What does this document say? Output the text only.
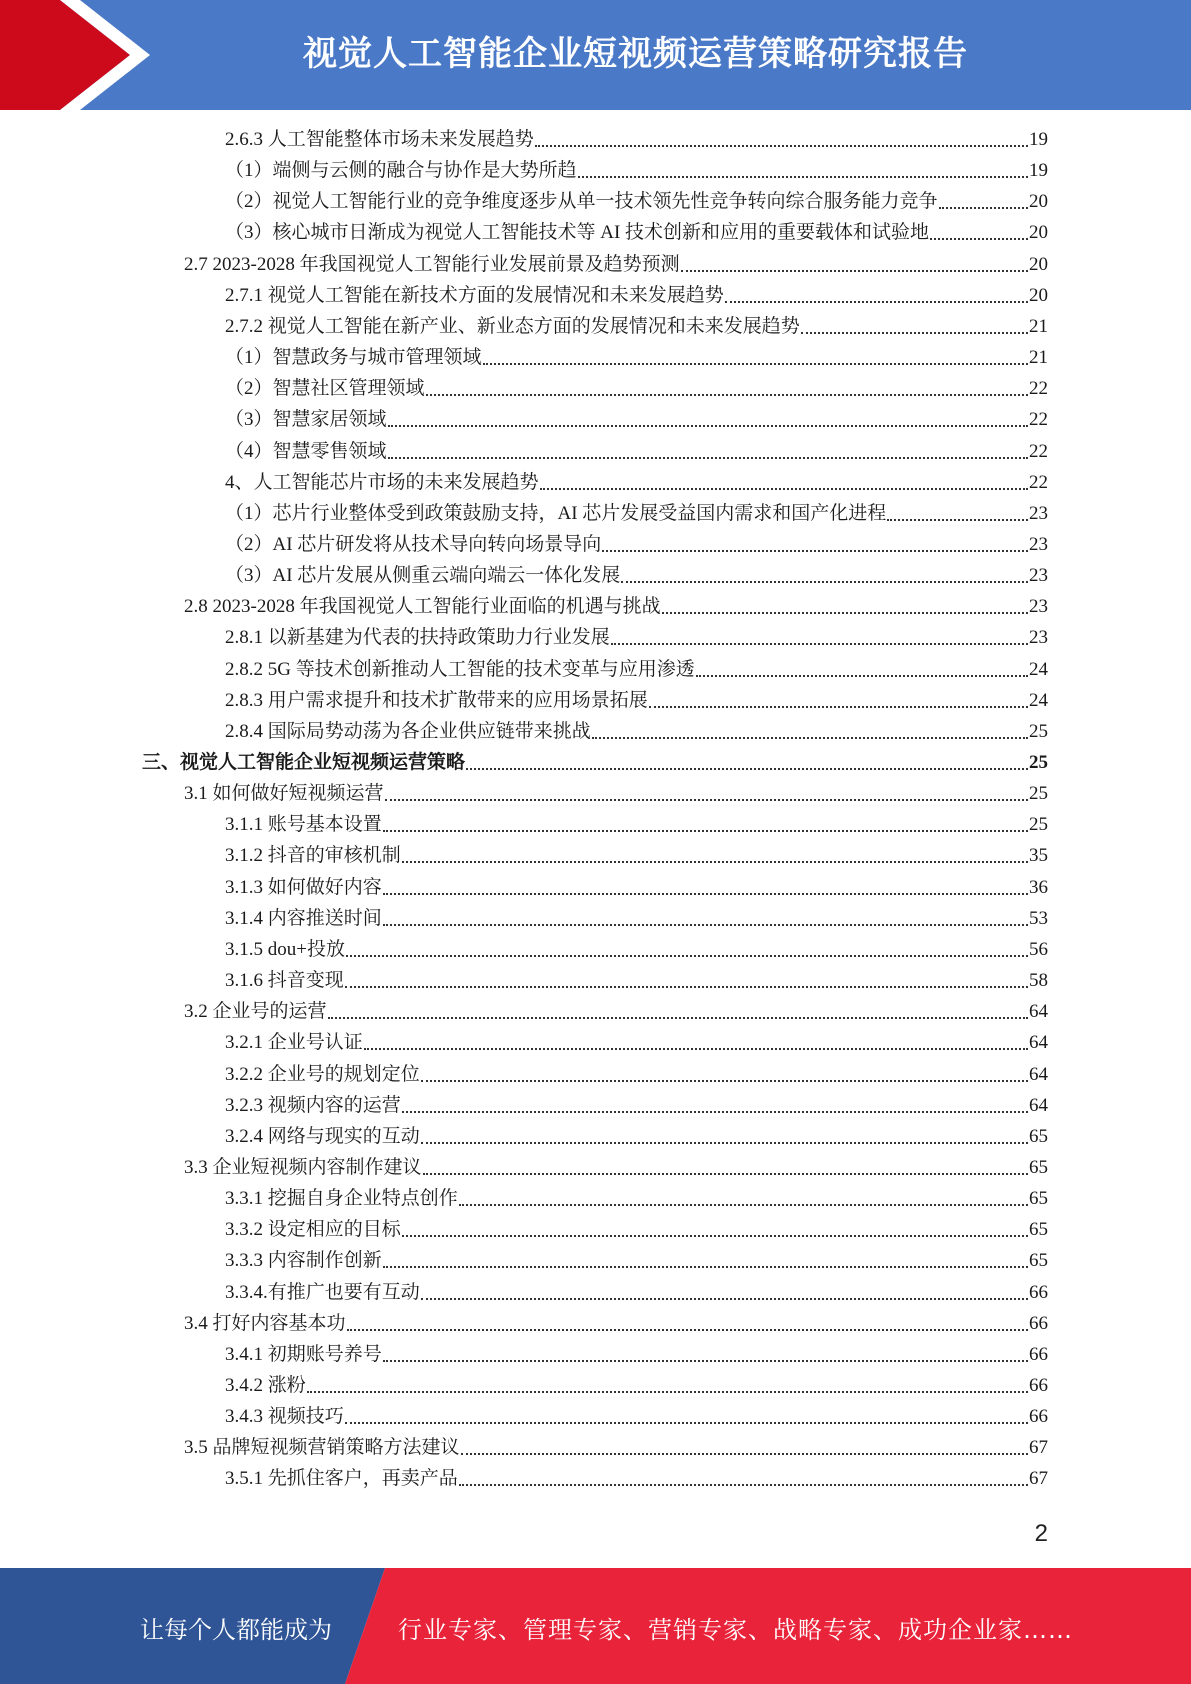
视觉人工智能企业短视频运营策略研究报告
2.6.3 人工智能整体市场未来发展趋势	19
（1）端侧与云侧的融合与协作是大势所趋	19
（2）视觉人工智能行业的竞争维度逐步从单一技术领先性竞争转向综合服务能力竞争	20
（3）核心城市日渐成为视觉人工智能技术等 AI 技术创新和应用的重要载体和试验地	20
2.7 2023-2028 年我国视觉人工智能行业发展前景及趋势预测	20
2.7.1 视觉人工智能在新技术方面的发展情况和未来发展趋势	20
2.7.2 视觉人工智能在新产业、新业态方面的发展情况和未来发展趋势	21
（1）智慧政务与城市管理领域	21
（2）智慧社区管理领域	22
（3）智慧家居领域	22
（4）智慧零售领域	22
4、人工智能芯片市场的未来发展趋势	22
（1）芯片行业整体受到政策鼓励支持，AI 芯片发展受益国内需求和国产化进程	23
（2）AI 芯片研发将从技术导向转向场景导向	23
（3）AI 芯片发展从侧重云端向端云一体化发展	23
2.8 2023-2028 年我国视觉人工智能行业面临的机遇与挑战	23
2.8.1 以新基建为代表的扶持政策助力行业发展	23
2.8.2 5G 等技术创新推动人工智能的技术变革与应用渗透	24
2.8.3 用户需求提升和技术扩散带来的应用场景拓展	24
2.8.4 国际局势动荡为各企业供应链带来挑战	25
三、视觉人工智能企业短视频运营策略	25
3.1 如何做好短视频运营	25
3.1.1 账号基本设置	25
3.1.2 抖音的审核机制	35
3.1.3 如何做好内容	36
3.1.4 内容推送时间	53
3.1.5 dou+投放	56
3.1.6 抖音变现	58
3.2 企业号的运营	64
3.2.1 企业号认证	64
3.2.2 企业号的规划定位	64
3.2.3 视频内容的运营	64
3.2.4 网络与现实的互动	65
3.3 企业短视频内容制作建议	65
3.3.1 挖掘自身企业特点创作	65
3.3.2 设定相应的目标	65
3.3.3 内容制作创新	65
3.3.4.有推广也要有互动	66
3.4 打好内容基本功	66
3.4.1 初期账号养号	66
3.4.2 涨粉	66
3.4.3 视频技巧	66
3.5 品牌短视频营销策略方法建议	67
3.5.1 先抓住客户，再卖产品	67
2
让每个人都能成为	行业专家、管理专家、营销专家、战略专家、成功企业家……
